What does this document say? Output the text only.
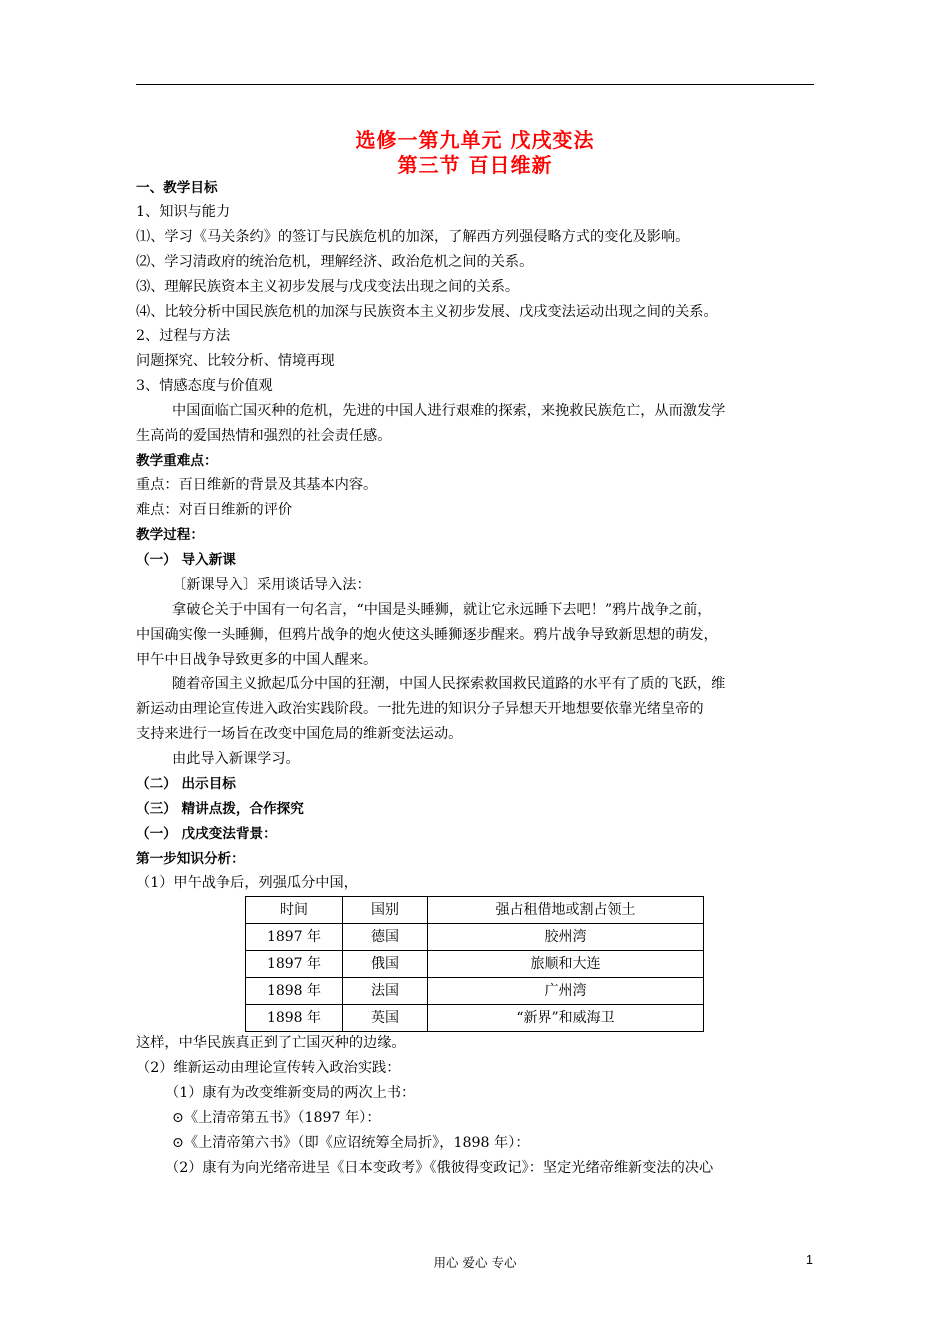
选修一第九单元 戊戌变法
第三节 百日维新
一、教学目标
1、知识与能力
⑴、学习《马关条约》的签订与民族危机的加深，了解西方列强侵略方式的变化及影响。
⑵、学习清政府的统治危机，理解经济、政治危机之间的关系。
⑶、理解民族资本主义初步发展与戊戌变法出现之间的关系。
⑷、比较分析中国民族危机的加深与民族资本主义初步发展、戊戌变法运动出现之间的关系。
2、过程与方法
问题探究、比较分析、情境再现
3、情感态度与价值观
中国面临亡国灭种的危机，先进的中国人进行艰难的探索，来挽救民族危亡，从而激发学
生高尚的爱国热情和强烈的社会责任感。
教学重难点：
重点：百日维新的背景及其基本内容。
难点：对百日维新的评价
教学过程：
（一） 导入新课
〔新课导入〕采用谈话导入法：
拿破仑关于中国有一句名言，“中国是头睡狮，就让它永远睡下去吧！”鸦片战争之前，
中国确实像一头睡狮，但鸦片战争的炮火使这头睡狮逐步醒来。鸦片战争导致新思想的萌发，
甲午中日战争导致更多的中国人醒来。
随着帝国主义掀起瓜分中国的狂潮，中国人民探索救国救民道路的水平有了质的飞跃，维
新运动由理论宣传进入政治实践阶段。一批先进的知识分子异想天开地想要依靠光绪皇帝的
支持来进行一场旨在改变中国危局的维新变法运动。
由此导入新课学习。
（二） 出示目标
（三） 精讲点拨，合作探究
（一） 戊戌变法背景：
第一步知识分析：
（1）甲午战争后，列强瓜分中国，
时间	国别	强占租借地或割占领土
1897 年	德国	胶州湾
1897 年	俄国	旅顺和大连
1898 年	法国	广州湾
1898 年	英国	“新界”和威海卫
这样，中华民族真正到了亡国灭种的边缘。
（2）维新运动由理论宣传转入政治实践：
（1）康有为改变维新变局的两次上书：
⊙《上清帝第五书》（1897 年）：
⊙《上清帝第六书》（即《应诏统筹全局折》，1898 年）：
（2）康有为向光绪帝进呈《日本变政考》《俄彼得变政记》：坚定光绪帝维新变法的决心
用心 爱心 专心	1
